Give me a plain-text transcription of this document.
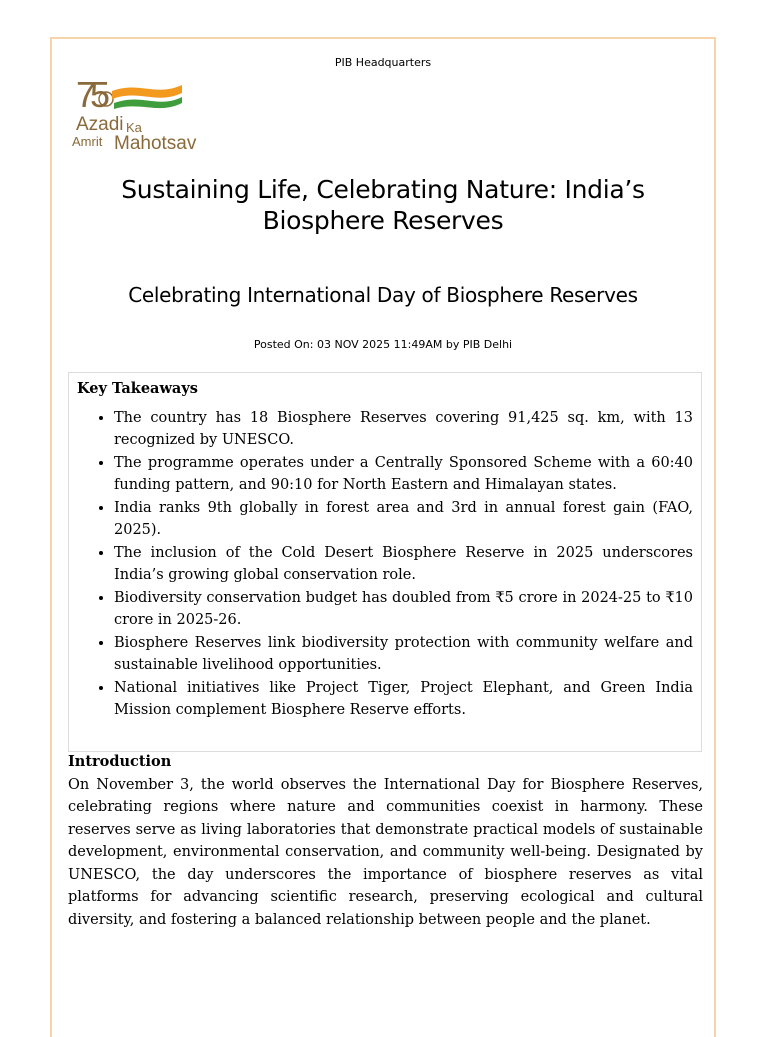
PIB Headquarters
75
Azadi Ka
Amrit Mahotsav
Sustaining Life, Celebrating Nature: India’s Biosphere Reserves
Celebrating International Day of Biosphere Reserves
Posted On: 03 NOV 2025 11:49AM by PIB Delhi
Key Takeaways
• The country has 18 Biosphere Reserves covering 91,425 sq. km, with 13 recognized by UNESCO.
• The programme operates under a Centrally Sponsored Scheme with a 60:40 funding pattern, and 90:10 for North Eastern and Himalayan states.
• India ranks 9th globally in forest area and 3rd in annual forest gain (FAO, 2025).
• The inclusion of the Cold Desert Biosphere Reserve in 2025 underscores India’s growing global conservation role.
• Biodiversity conservation budget has doubled from ₹5 crore in 2024-25 to ₹10 crore in 2025-26.
• Biosphere Reserves link biodiversity protection with community welfare and sustainable livelihood opportunities.
• National initiatives like Project Tiger, Project Elephant, and Green India Mission complement Biosphere Reserve efforts.
Introduction

On November 3, the world observes the International Day for Biosphere Reserves, celebrating regions where nature and communities coexist in harmony. These reserves serve as living laboratories that demonstrate practical models of sustainable development, environmental conservation, and community well-being. Designated by UNESCO, the day underscores the importance of biosphere reserves as vital platforms for advancing scientific research, preserving ecological and cultural diversity, and fostering a balanced relationship between people and the planet.
